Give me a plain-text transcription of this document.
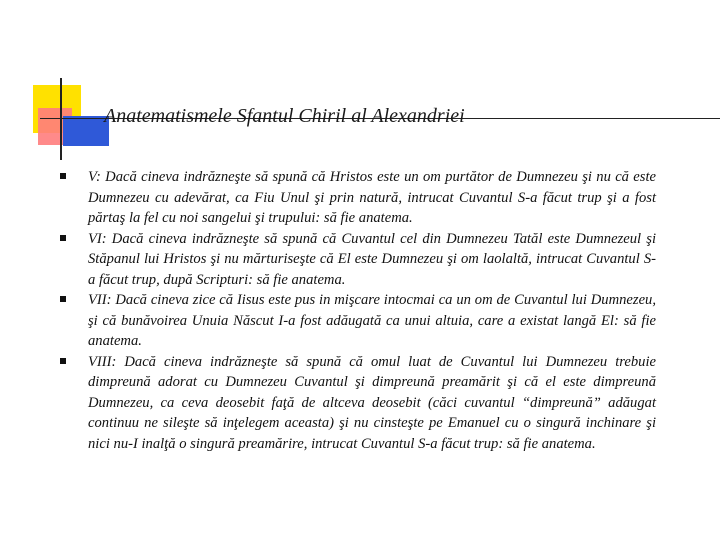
Anatematismele Sfantul Chiril al Alexandriei
V: Dacă cineva indrăzneşte să spună că Hristos este un om purtător de Dumnezeu şi nu că este Dumnezeu cu adevărat, ca Fiu Unul şi prin natură, intrucat Cuvantul S-a făcut trup şi a fost părtaş la fel cu noi sangelui şi trupului: să fie anatema.
VI: Dacă cineva indrăzneşte să spună că Cuvantul cel din Dumnezeu Tatăl este Dumnezeul şi Stăpanul lui Hristos şi nu mărturiseşte că El este Dumnezeu şi om laolaltă, intrucat Cuvantul S-a făcut trup, după Scripturi: să fie anatema.
VII: Dacă cineva zice că Iisus este pus in mişcare intocmai ca un om de Cuvantul lui Dumnezeu, şi că bunăvoirea Unuia Născut I-a fost adăugată ca unui altuia, care a existat langă El: să fie anatema.
VIII: Dacă cineva indrăzneşte să spună că omul luat de Cuvantul lui Dumnezeu trebuie dimpreună adorat cu Dumnezeu Cuvantul şi dimpreună preamărit şi că el este dimpreună Dumnezeu, ca ceva deosebit faţă de altceva deosebit (căci cuvantul “dimpreună” adăugat continuu ne sileşte să inţelegem aceasta) şi nu cinsteşte pe Emanuel cu o singură inchinare şi nici nu-I inalţă o singură preamărire, intrucat Cuvantul S-a făcut trup: să fie anatema.
